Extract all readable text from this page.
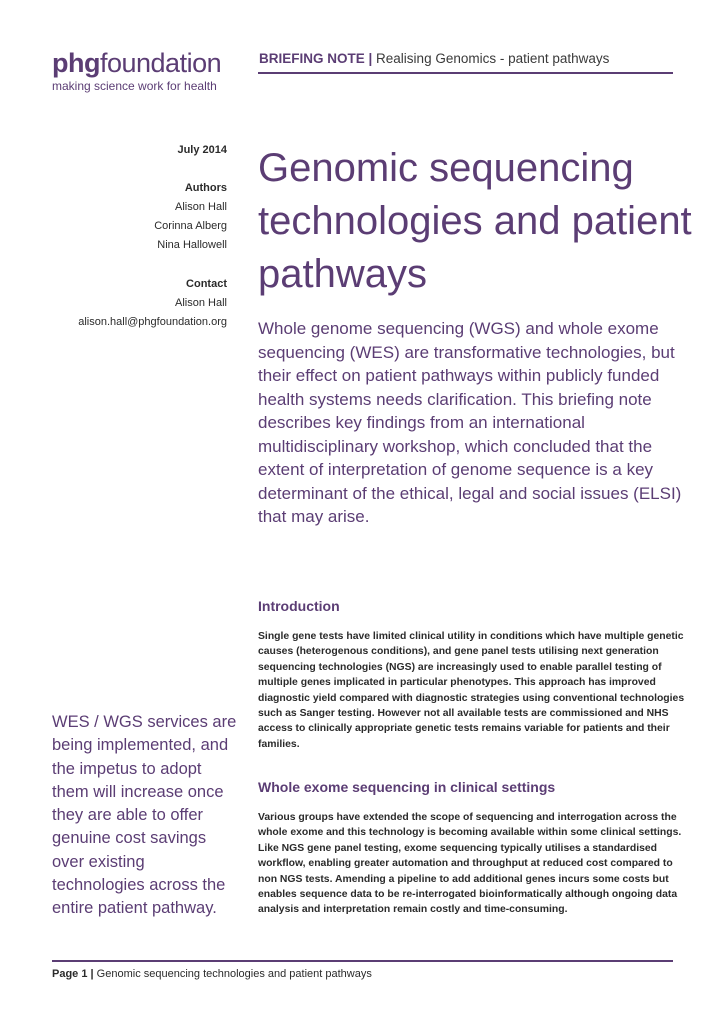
phgfoundation
making science work for health
BRIEFING NOTE | Realising Genomics - patient pathways
July 2014
Authors
Alison Hall
Corinna Alberg
Nina Hallowell
Contact
Alison Hall
alison.hall@phgfoundation.org
Genomic sequencing technologies and patient pathways
Whole genome sequencing (WGS) and whole exome sequencing (WES) are transformative technologies, but their effect on patient pathways within publicly funded health systems needs clarification. This briefing note describes key findings from an international multidisciplinary workshop, which concluded that the extent of interpretation of genome sequence is a key determinant of the ethical, legal and social issues (ELSI) that may arise.
Introduction
Single gene tests have limited clinical utility in conditions which have multiple genetic causes (heterogenous conditions), and gene panel tests utilising next generation sequencing technologies (NGS) are increasingly used to enable parallel testing of multiple genes implicated in particular phenotypes. This approach has improved diagnostic yield compared with diagnostic strategies using conventional technologies such as Sanger testing. However not all available tests are commissioned and NHS access to clinically appropriate genetic tests remains variable for patients and their families.
Whole exome sequencing in clinical settings
Various groups have extended the scope of sequencing and interrogation across the whole exome and this technology is becoming available within some clinical settings. Like NGS gene panel testing, exome sequencing typically utilises a standardised workflow, enabling greater automation and throughput at reduced cost compared to non NGS tests. Amending a pipeline to add additional genes incurs some costs but enables sequence data to be re-interrogated bioinformatically although ongoing data analysis and interpretation remain costly and time-consuming.
WES / WGS services are being implemented, and the impetus to adopt them will increase once they are able to offer genuine cost savings over existing technologies across the entire patient pathway.
Page 1 | Genomic sequencing technologies and patient pathways
